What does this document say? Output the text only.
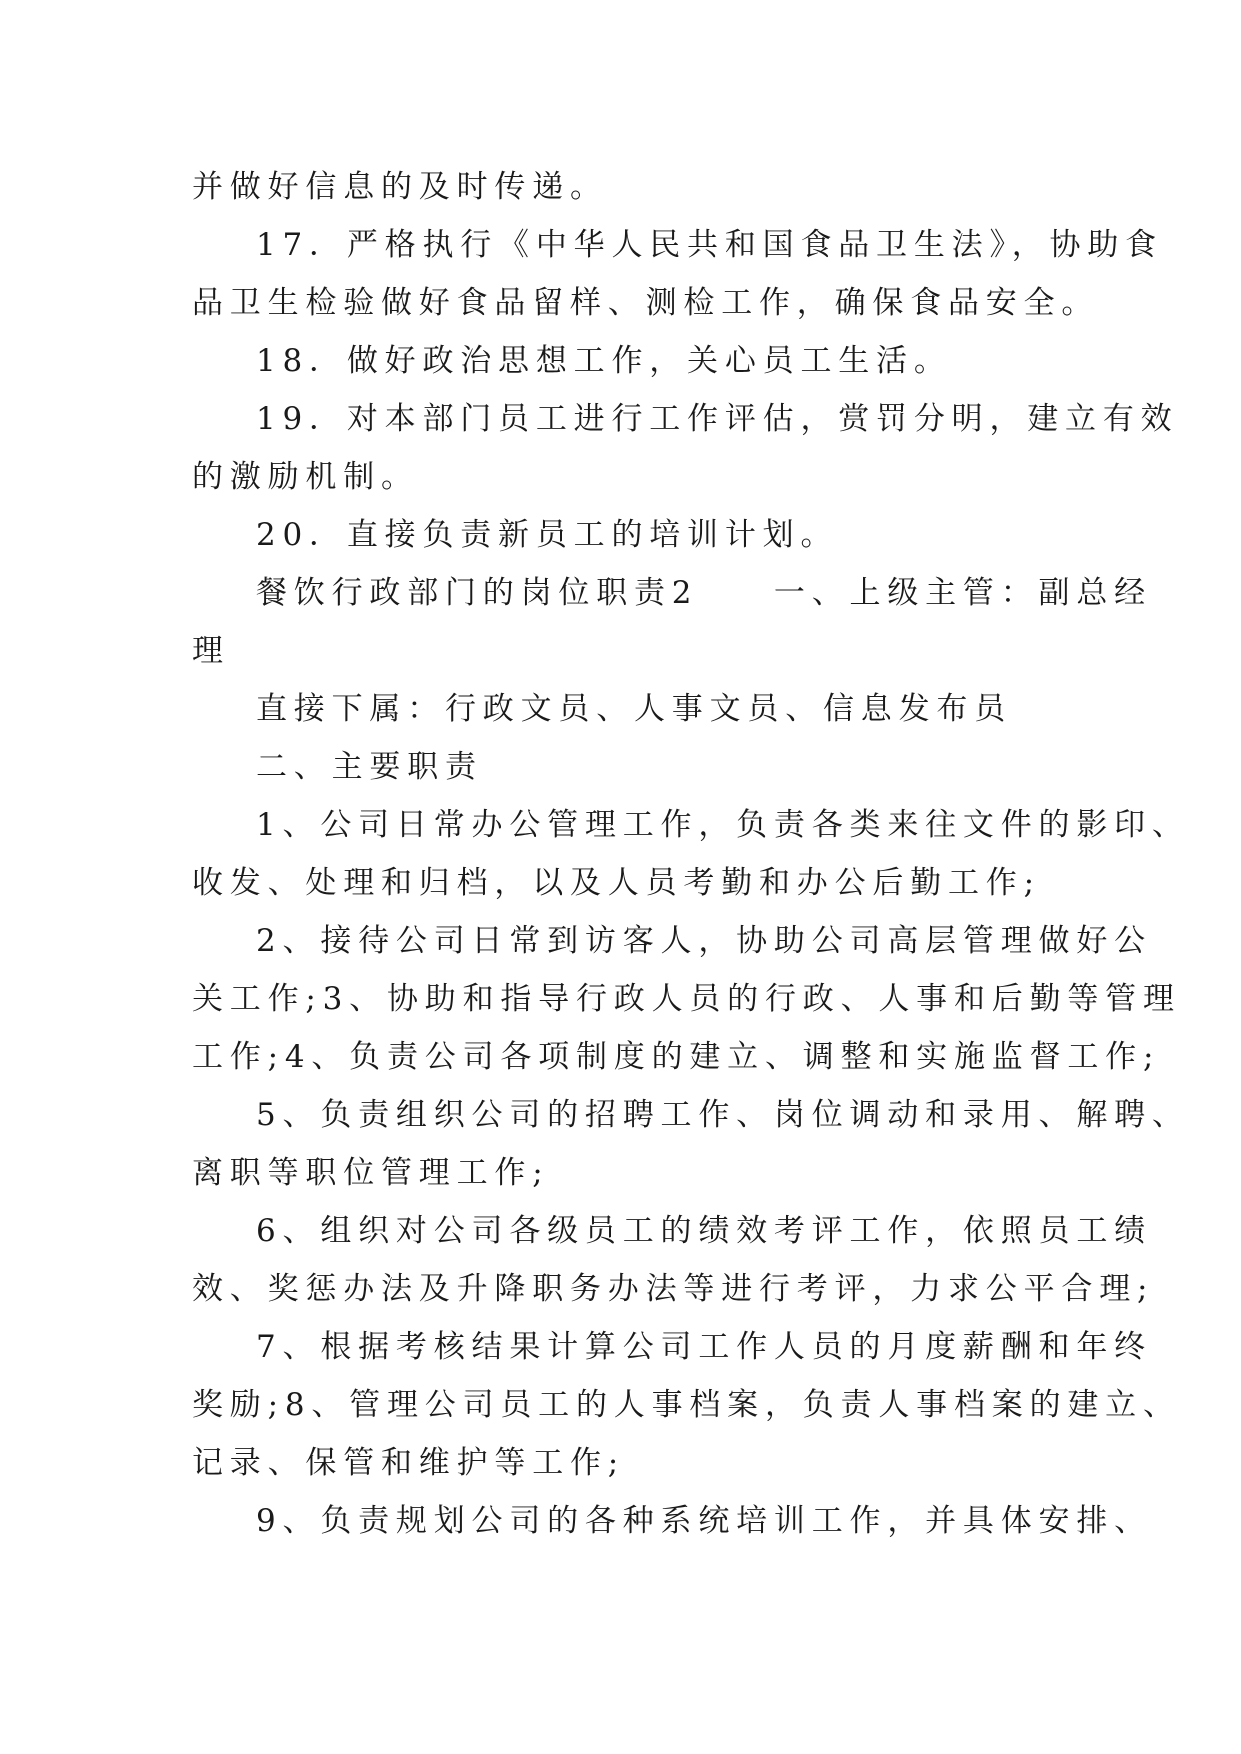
并做好信息的及时传递。
17．严格执行《中华人民共和国食品卫生法》，协助食
品卫生检验做好食品留样、测检工作，确保食品安全。
18．做好政治思想工作，关心员工生活。
19．对本部门员工进行工作评估，赏罚分明，建立有效
的激励机制。
20．直接负责新员工的培训计划。
餐饮行政部门的岗位职责2　　一、上级主管：副总经
理
直接下属：行政文员、人事文员、信息发布员
二、主要职责
1、公司日常办公管理工作，负责各类来往文件的影印、
收发、处理和归档，以及人员考勤和办公后勤工作;
2、接待公司日常到访客人，协助公司高层管理做好公
关工作;3、协助和指导行政人员的行政、人事和后勤等管理
工作;4、负责公司各项制度的建立、调整和实施监督工作;
5、负责组织公司的招聘工作、岗位调动和录用、解聘、
离职等职位管理工作;
6、组织对公司各级员工的绩效考评工作，依照员工绩
效、奖惩办法及升降职务办法等进行考评，力求公平合理;
7、根据考核结果计算公司工作人员的月度薪酬和年终
奖励;8、管理公司员工的人事档案，负责人事档案的建立、
记录、保管和维护等工作;
9、负责规划公司的各种系统培训工作，并具体安排、
